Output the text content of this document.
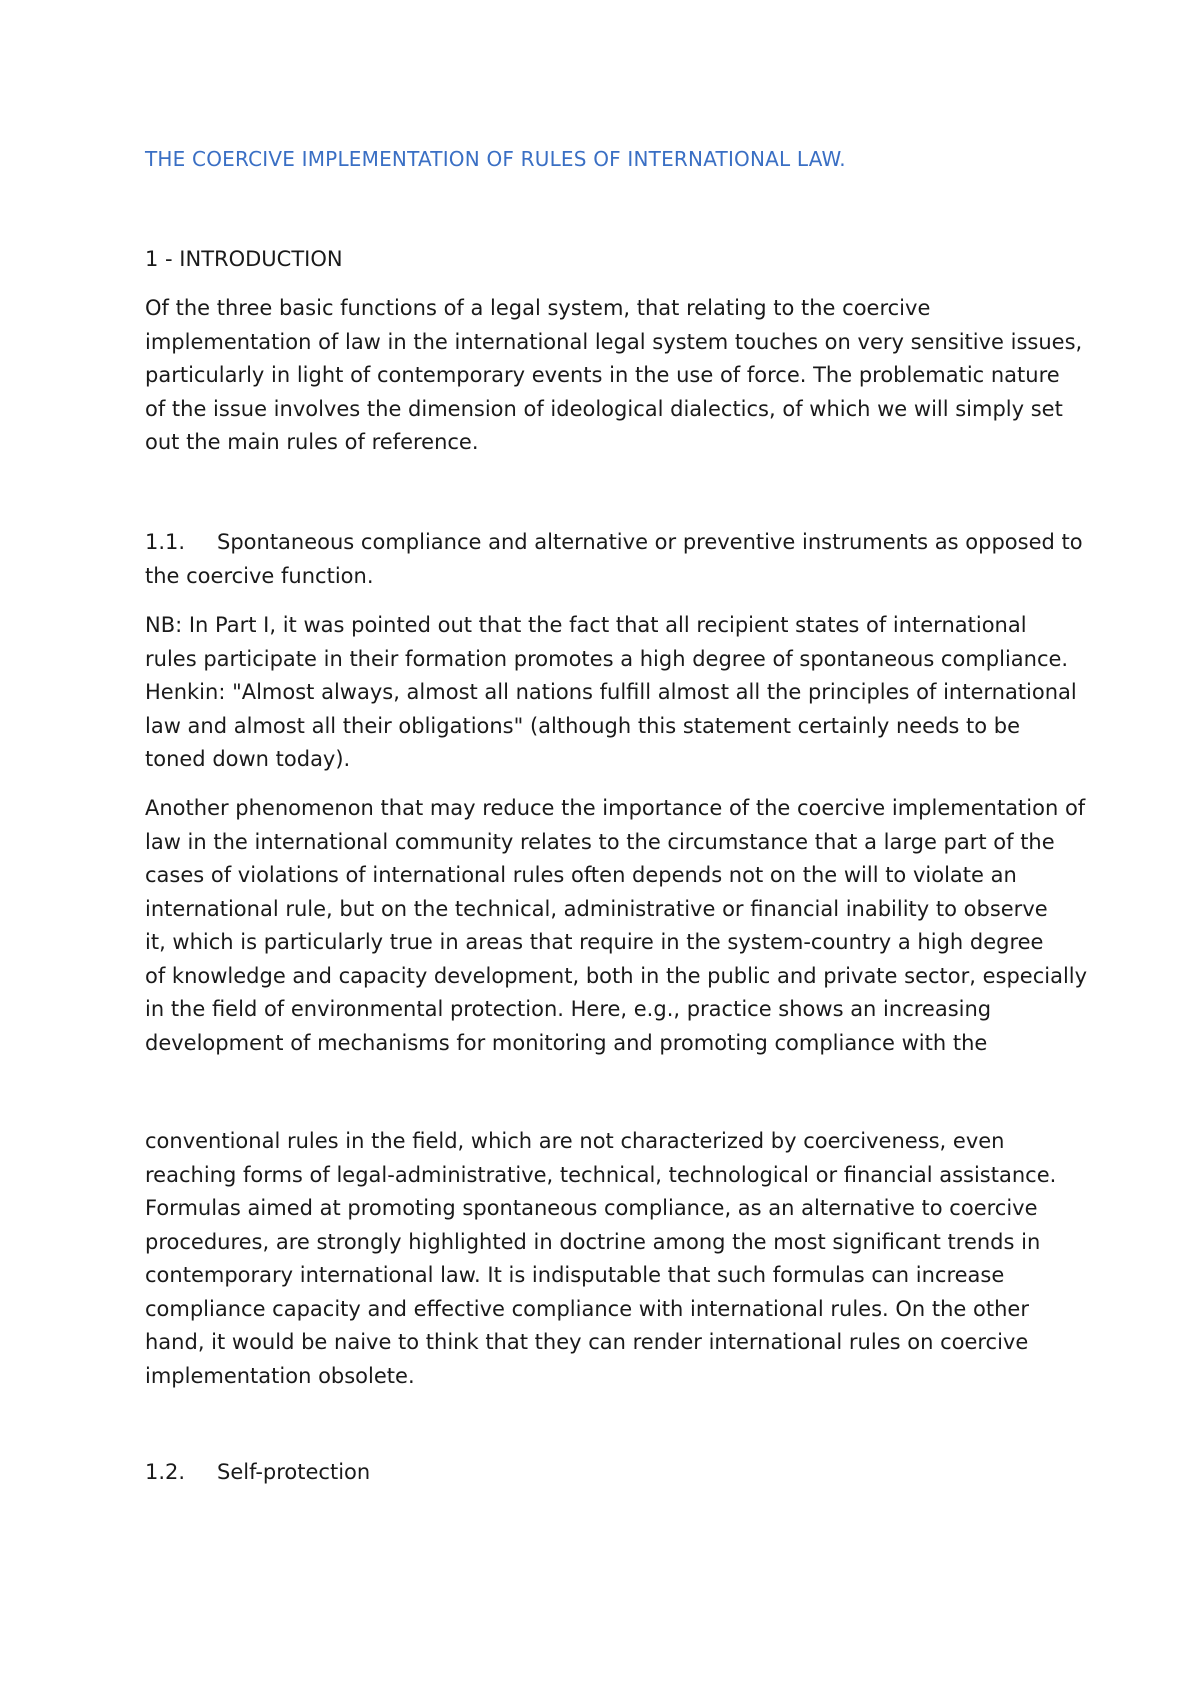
THE COERCIVE IMPLEMENTATION OF RULES OF INTERNATIONAL LAW.
1 - INTRODUCTION
Of the three basic functions of a legal system, that relating to the coercive
implementation of law in the international legal system touches on very sensitive issues,
particularly in light of contemporary events in the use of force. The problematic nature
of the issue involves the dimension of ideological dialectics, of which we will simply set
out the main rules of reference.
1.1. Spontaneous compliance and alternative or preventive instruments as opposed to
the coercive function.
NB: In Part I, it was pointed out that the fact that all recipient states of international
rules participate in their formation promotes a high degree of spontaneous compliance.
Henkin: "Almost always, almost all nations fulfill almost all the principles of international
law and almost all their obligations" (although this statement certainly needs to be
toned down today).
Another phenomenon that may reduce the importance of the coercive implementation of
law in the international community relates to the circumstance that a large part of the
cases of violations of international rules often depends not on the will to violate an
international rule, but on the technical, administrative or financial inability to observe
it, which is particularly true in areas that require in the system-country a high degree
of knowledge and capacity development, both in the public and private sector, especially
in the field of environmental protection. Here, e.g., practice shows an increasing
development of mechanisms for monitoring and promoting compliance with the
conventional rules in the field, which are not characterized by coerciveness, even
reaching forms of legal-administrative, technical, technological or financial assistance.
Formulas aimed at promoting spontaneous compliance, as an alternative to coercive
procedures, are strongly highlighted in doctrine among the most significant trends in
contemporary international law. It is indisputable that such formulas can increase
compliance capacity and effective compliance with international rules. On the other
hand, it would be naive to think that they can render international rules on coercive
implementation obsolete.
1.2. Self-protection
